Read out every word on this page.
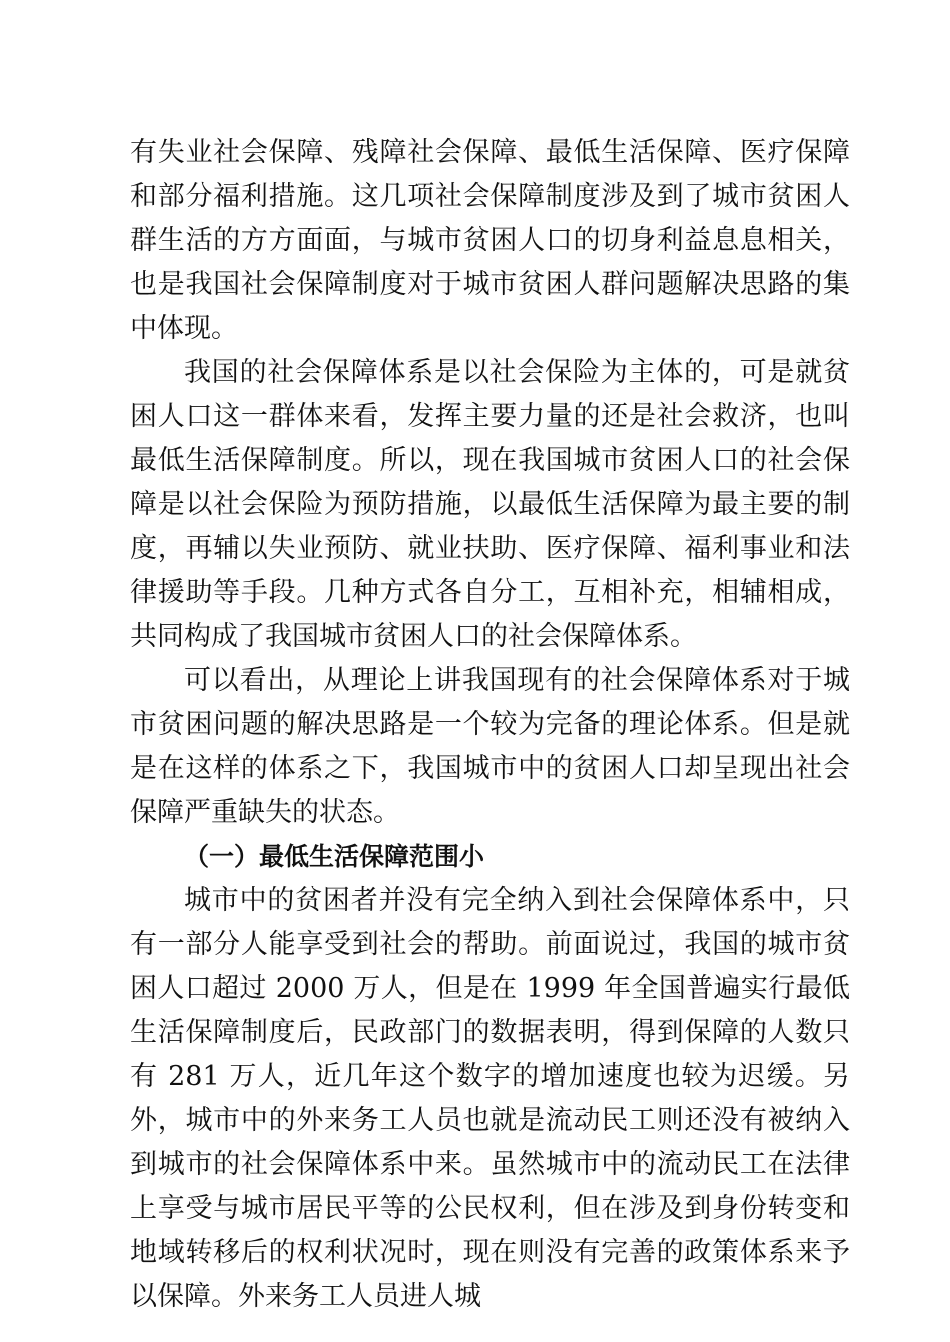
有失业社会保障、残障社会保障、最低生活保障、医疗保障和部分福利措施。这几项社会保障制度涉及到了城市贫困人群生活的方方面面，与城市贫困人口的切身利益息息相关，也是我国社会保障制度对于城市贫困人群问题解决思路的集中体现。

我国的社会保障体系是以社会保险为主体的，可是就贫困人口这一群体来看，发挥主要力量的还是社会救济，也叫最低生活保障制度。所以，现在我国城市贫困人口的社会保障是以社会保险为预防措施，以最低生活保障为最主要的制度，再辅以失业预防、就业扶助、医疗保障、福利事业和法律援助等手段。几种方式各自分工，互相补充，相辅相成，共同构成了我国城市贫困人口的社会保障体系。

可以看出，从理论上讲我国现有的社会保障体系对于城市贫困问题的解决思路是一个较为完备的理论体系。但是就是在这样的体系之下，我国城市中的贫困人口却呈现出社会保障严重缺失的状态。

（一）最低生活保障范围小

城市中的贫困者并没有完全纳入到社会保障体系中，只有一部分人能享受到社会的帮助。前面说过，我国的城市贫困人口超过 2000 万人，但是在 1999 年全国普遍实行最低生活保障制度后，民政部门的数据表明，得到保障的人数只有 281 万人，近几年这个数字的增加速度也较为迟缓。另外，城市中的外来务工人员也就是流动民工则还没有被纳入到城市的社会保障体系中来。虽然城市中的流动民工在法律上享受与城市居民平等的公民权利，但在涉及到身份转变和地域转移后的权利状况时，现在则没有完善的政策体系来予以保障。外来务工人员进人城
